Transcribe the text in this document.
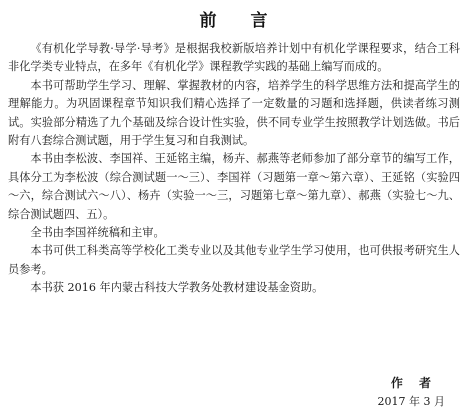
前 言

《有机化学导教·导学·导考》是根据我校新版培养计划中有机化学课程要求，结合工科非化学类专业特点，在多年《有机化学》课程教学实践的基础上编写而成的。

本书可帮助学生学习、理解、掌握教材的内容，培养学生的科学思维方法和提高学生的理解能力。为巩固课程章节知识我们精心选择了一定数量的习题和选择题，供读者练习测试。实验部分精选了九个基础及综合设计性实验，供不同专业学生按照教学计划选做。书后附有八套综合测试题，用于学生复习和自我测试。

本书由李松波、李国祥、王延铭主编，杨卉、郝燕等老师参加了部分章节的编写工作，具体分工为李松波（综合测试题一～三）、李国祥（习题第一章～第六章）、王延铭（实验四～六，综合测试六～八）、杨卉（实验一～三，习题第七章～第九章）、郝燕（实验七～九、综合测试题四、五）。

全书由李国祥统稿和主审。

本书可供工科类高等学校化工类专业以及其他专业学生学习使用，也可供报考研究生人员参考。

本书获 2016 年内蒙古科技大学教务处教材建设基金资助。

作 者
2017 年 3 月
